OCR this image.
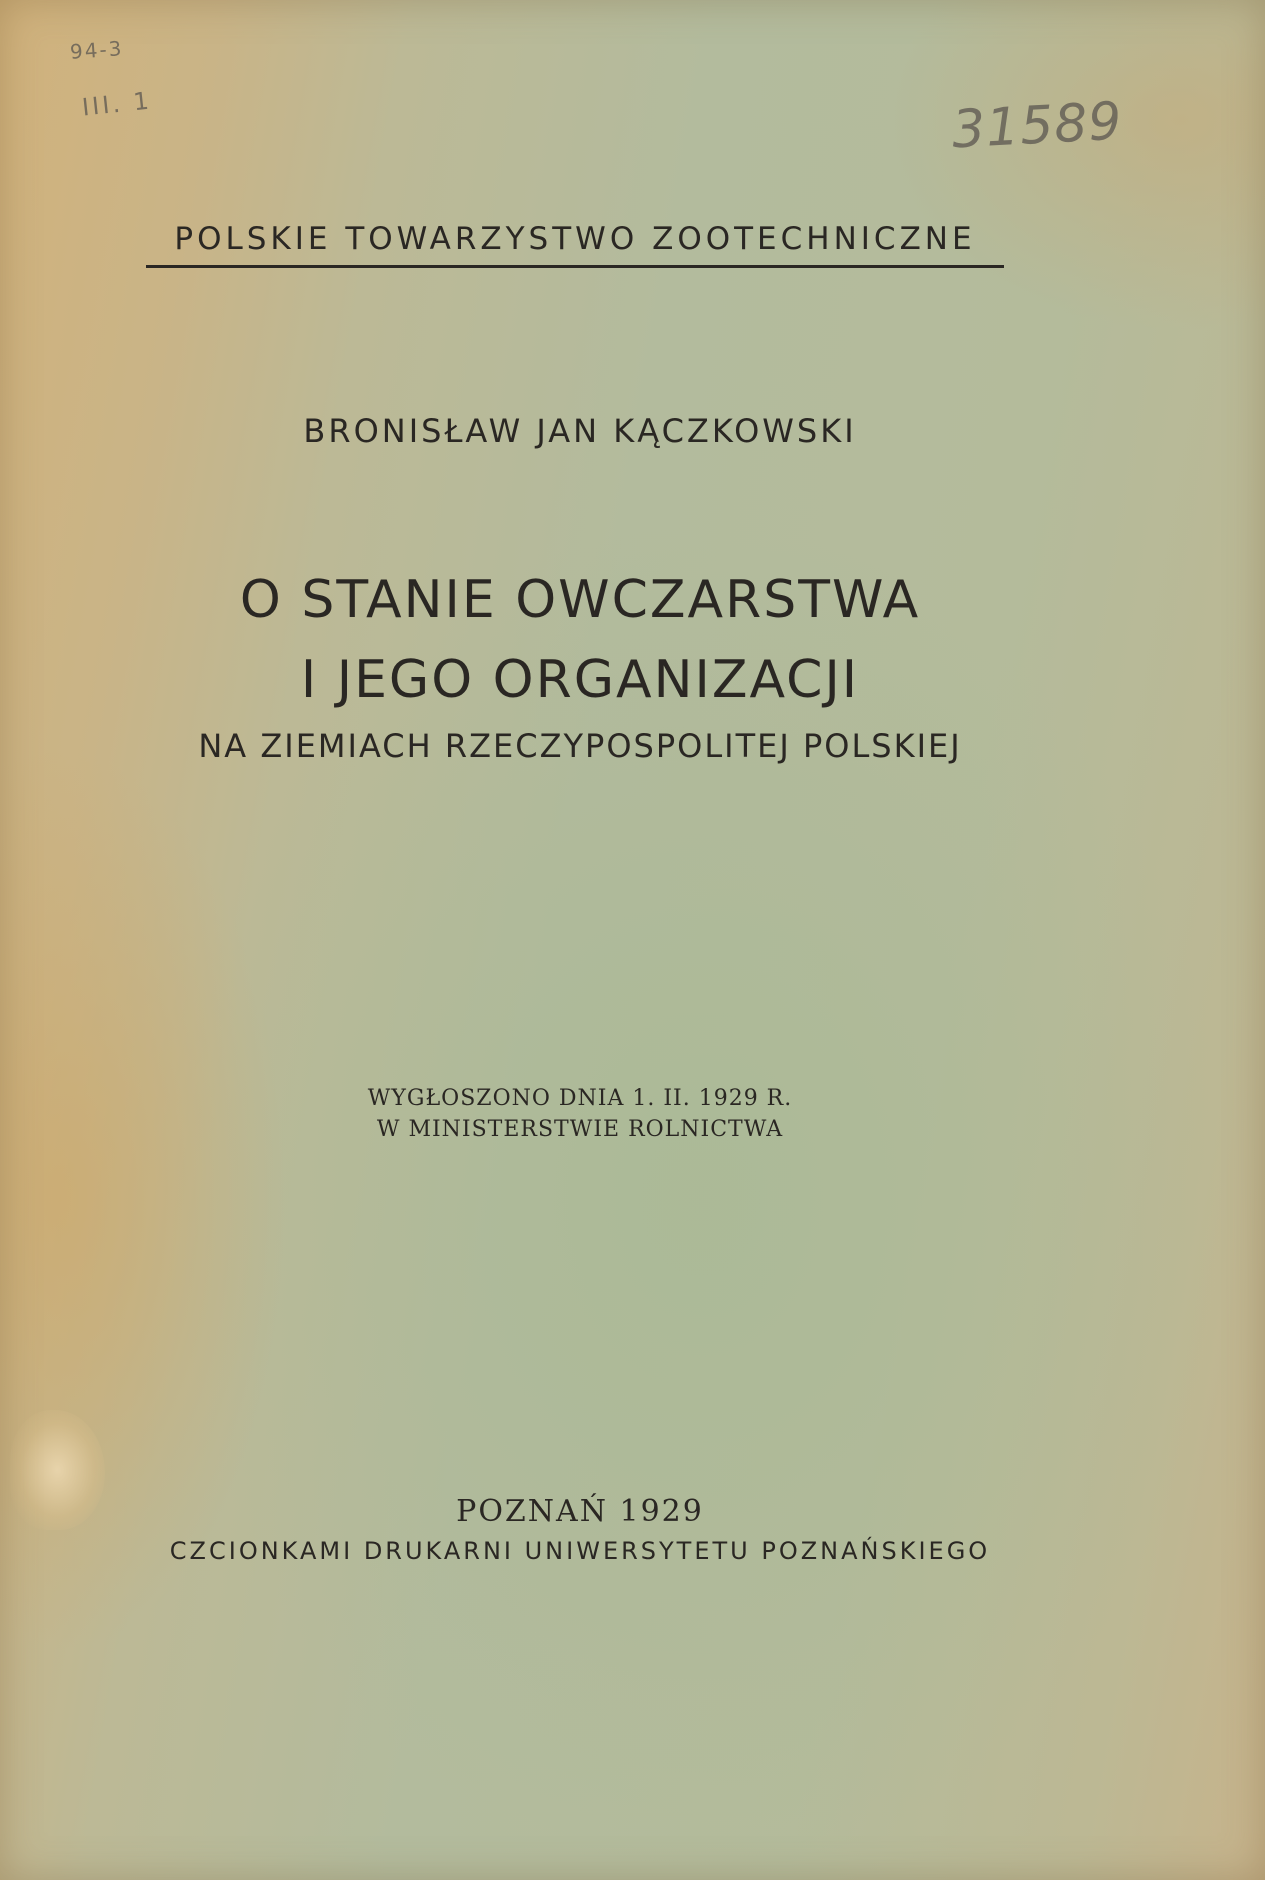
94-3
III. 1	31589
POLSKIE TOWARZYSTWO ZOOTECHNICZNE
BRONISŁAW JAN KĄCZKOWSKI
O STANIE OWCZARSTWA
I JEGO ORGANIZACJI
NA ZIEMIACH RZECZYPOSPOLITEJ POLSKIEJ
WYGŁOSZONO DNIA 1. II. 1929 R.
W MINISTERSTWIE ROLNICTWA
POZNAŃ 1929
CZCIONKAMI DRUKARNI UNIWERSYTETU POZNAŃSKIEGO
